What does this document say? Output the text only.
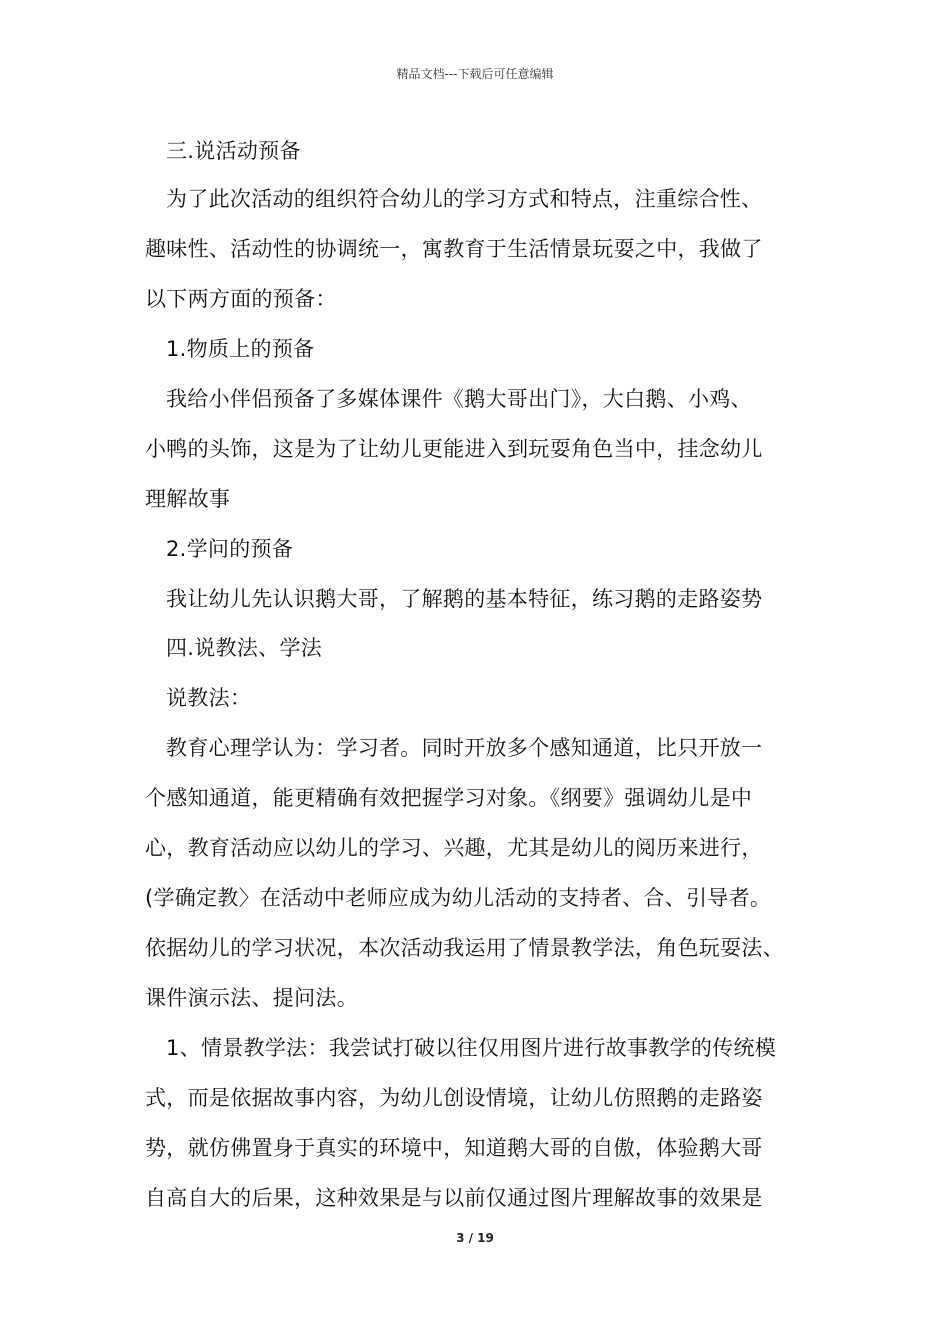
精品文档---下载后可任意编辑
三.说活动预备
为了此次活动的组织符合幼儿的学习方式和特点，注重综合性、
趣味性、活动性的协调统一，寓教育于生活情景玩耍之中，我做了
以下两方面的预备：
1.物质上的预备
我给小伴侣预备了多媒体课件《鹅大哥出门》，大白鹅、小鸡、
小鸭的头饰，这是为了让幼儿更能进入到玩耍角色当中，挂念幼儿
理解故事
2.学问的预备
我让幼儿先认识鹅大哥，了解鹅的基本特征，练习鹅的走路姿势
四.说教法、学法
说教法：
教育心理学认为：学习者。同时开放多个感知通道，比只开放一
个感知通道，能更精确有效把握学习对象。《纲要》强调幼儿是中
心，教育活动应以幼儿的学习、兴趣，尤其是幼儿的阅历来进行，
(学确定教〉在活动中老师应成为幼儿活动的支持者、合、引导者。
依据幼儿的学习状况，本次活动我运用了情景教学法，角色玩耍法、
课件演示法、提问法。
1、情景教学法：我尝试打破以往仅用图片进行故事教学的传统模
式，而是依据故事内容，为幼儿创设情境，让幼儿仿照鹅的走路姿
势，就仿佛置身于真实的环境中，知道鹅大哥的自傲，体验鹅大哥
自高自大的后果，这种效果是与以前仅通过图片理解故事的效果是
3 / 19
